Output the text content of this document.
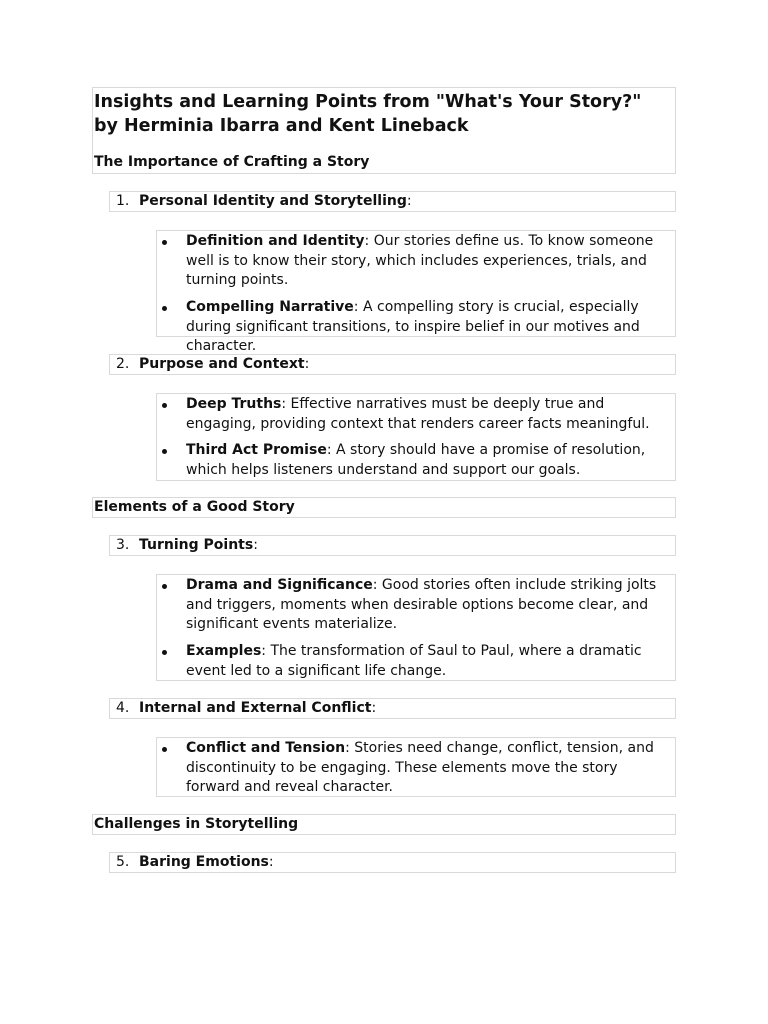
Insights and Learning Points from "What's Your Story?" by Herminia Ibarra and Kent Lineback
The Importance of Crafting a Story
1. Personal Identity and Storytelling:
Definition and Identity: Our stories define us. To know someone well is to know their story, which includes experiences, trials, and turning points.
Compelling Narrative: A compelling story is crucial, especially during significant transitions, to inspire belief in our motives and character.
2. Purpose and Context:
Deep Truths: Effective narratives must be deeply true and engaging, providing context that renders career facts meaningful.
Third Act Promise: A story should have a promise of resolution, which helps listeners understand and support our goals.
Elements of a Good Story
3. Turning Points:
Drama and Significance: Good stories often include striking jolts and triggers, moments when desirable options become clear, and significant events materialize.
Examples: The transformation of Saul to Paul, where a dramatic event led to a significant life change.
4. Internal and External Conflict:
Conflict and Tension: Stories need change, conflict, tension, and discontinuity to be engaging. These elements move the story forward and reveal character.
Challenges in Storytelling
5. Baring Emotions:
